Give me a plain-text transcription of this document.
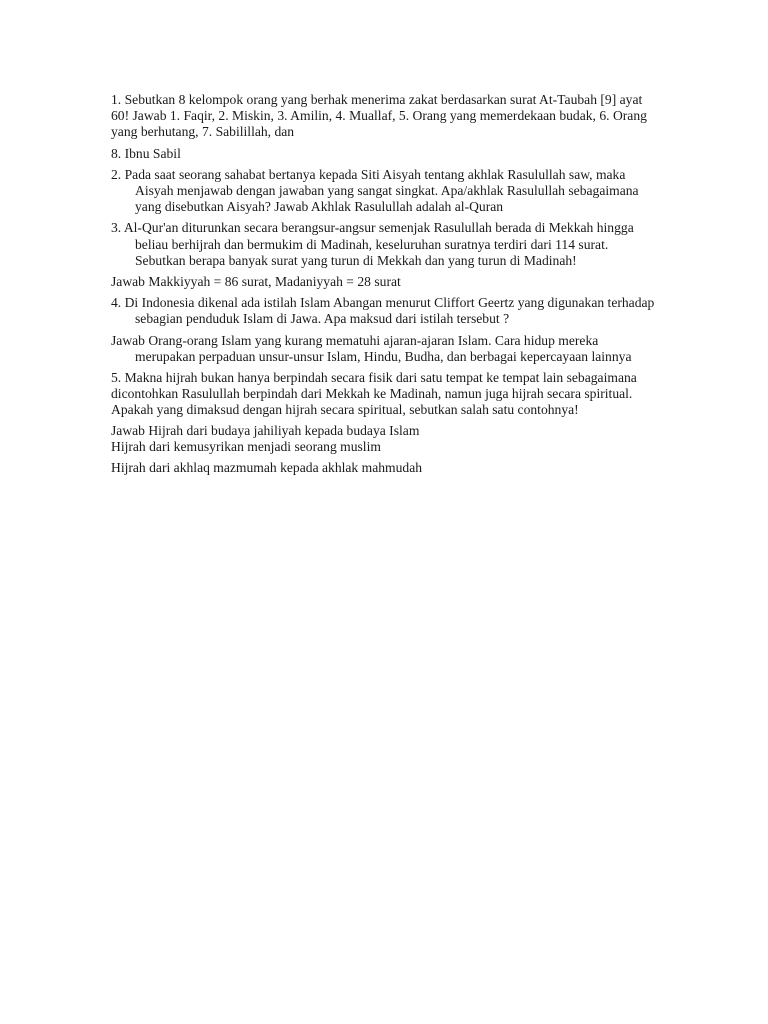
1. Sebutkan 8 kelompok orang yang berhak menerima zakat berdasarkan surat At-Taubah [9] ayat 60! Jawab 1. Faqir, 2. Miskin, 3. Amilin, 4. Muallaf, 5. Orang yang memerdekaan budak, 6. Orang yang berhutang, 7. Sabilillah, dan

8. Ibnu Sabil

2. Pada saat seorang sahabat bertanya kepada Siti Aisyah tentang akhlak Rasulullah saw, maka Aisyah menjawab dengan jawaban yang sangat singkat. Apa/akhlak Rasulullah sebagaimana yang disebutkan Aisyah? Jawab Akhlak Rasulullah adalah al-Quran

3. Al-Qur'an diturunkan secara berangsur-angsur semenjak Rasulullah berada di Mekkah hingga beliau berhijrah dan bermukim di Madinah, keseluruhan suratnya terdiri dari 114 surat. Sebutkan berapa banyak surat yang turun di Mekkah dan yang turun di Madinah!

Jawab Makkiyyah = 86 surat, Madaniyyah = 28 surat

4. Di Indonesia dikenal ada istilah Islam Abangan menurut Cliffort Geertz yang digunakan terhadap sebagian penduduk Islam di Jawa. Apa maksud dari istilah tersebut ?

Jawab Orang-orang Islam yang kurang mematuhi ajaran-ajaran Islam. Cara hidup mereka merupakan perpaduan unsur-unsur Islam, Hindu, Budha, dan berbagai kepercayaan lainnya

5. Makna hijrah bukan hanya berpindah secara fisik dari satu tempat ke tempat lain sebagaimana dicontohkan Rasulullah berpindah dari Mekkah ke Madinah, namun juga hijrah secara spiritual. Apakah yang dimaksud dengan hijrah secara spiritual, sebutkan salah satu contohnya!

Jawab Hijrah dari budaya jahiliyah kepada budaya Islam

Hijrah dari kemusyrikan menjadi seorang muslim

Hijrah dari akhlaq mazmumah kepada akhlak mahmudah
